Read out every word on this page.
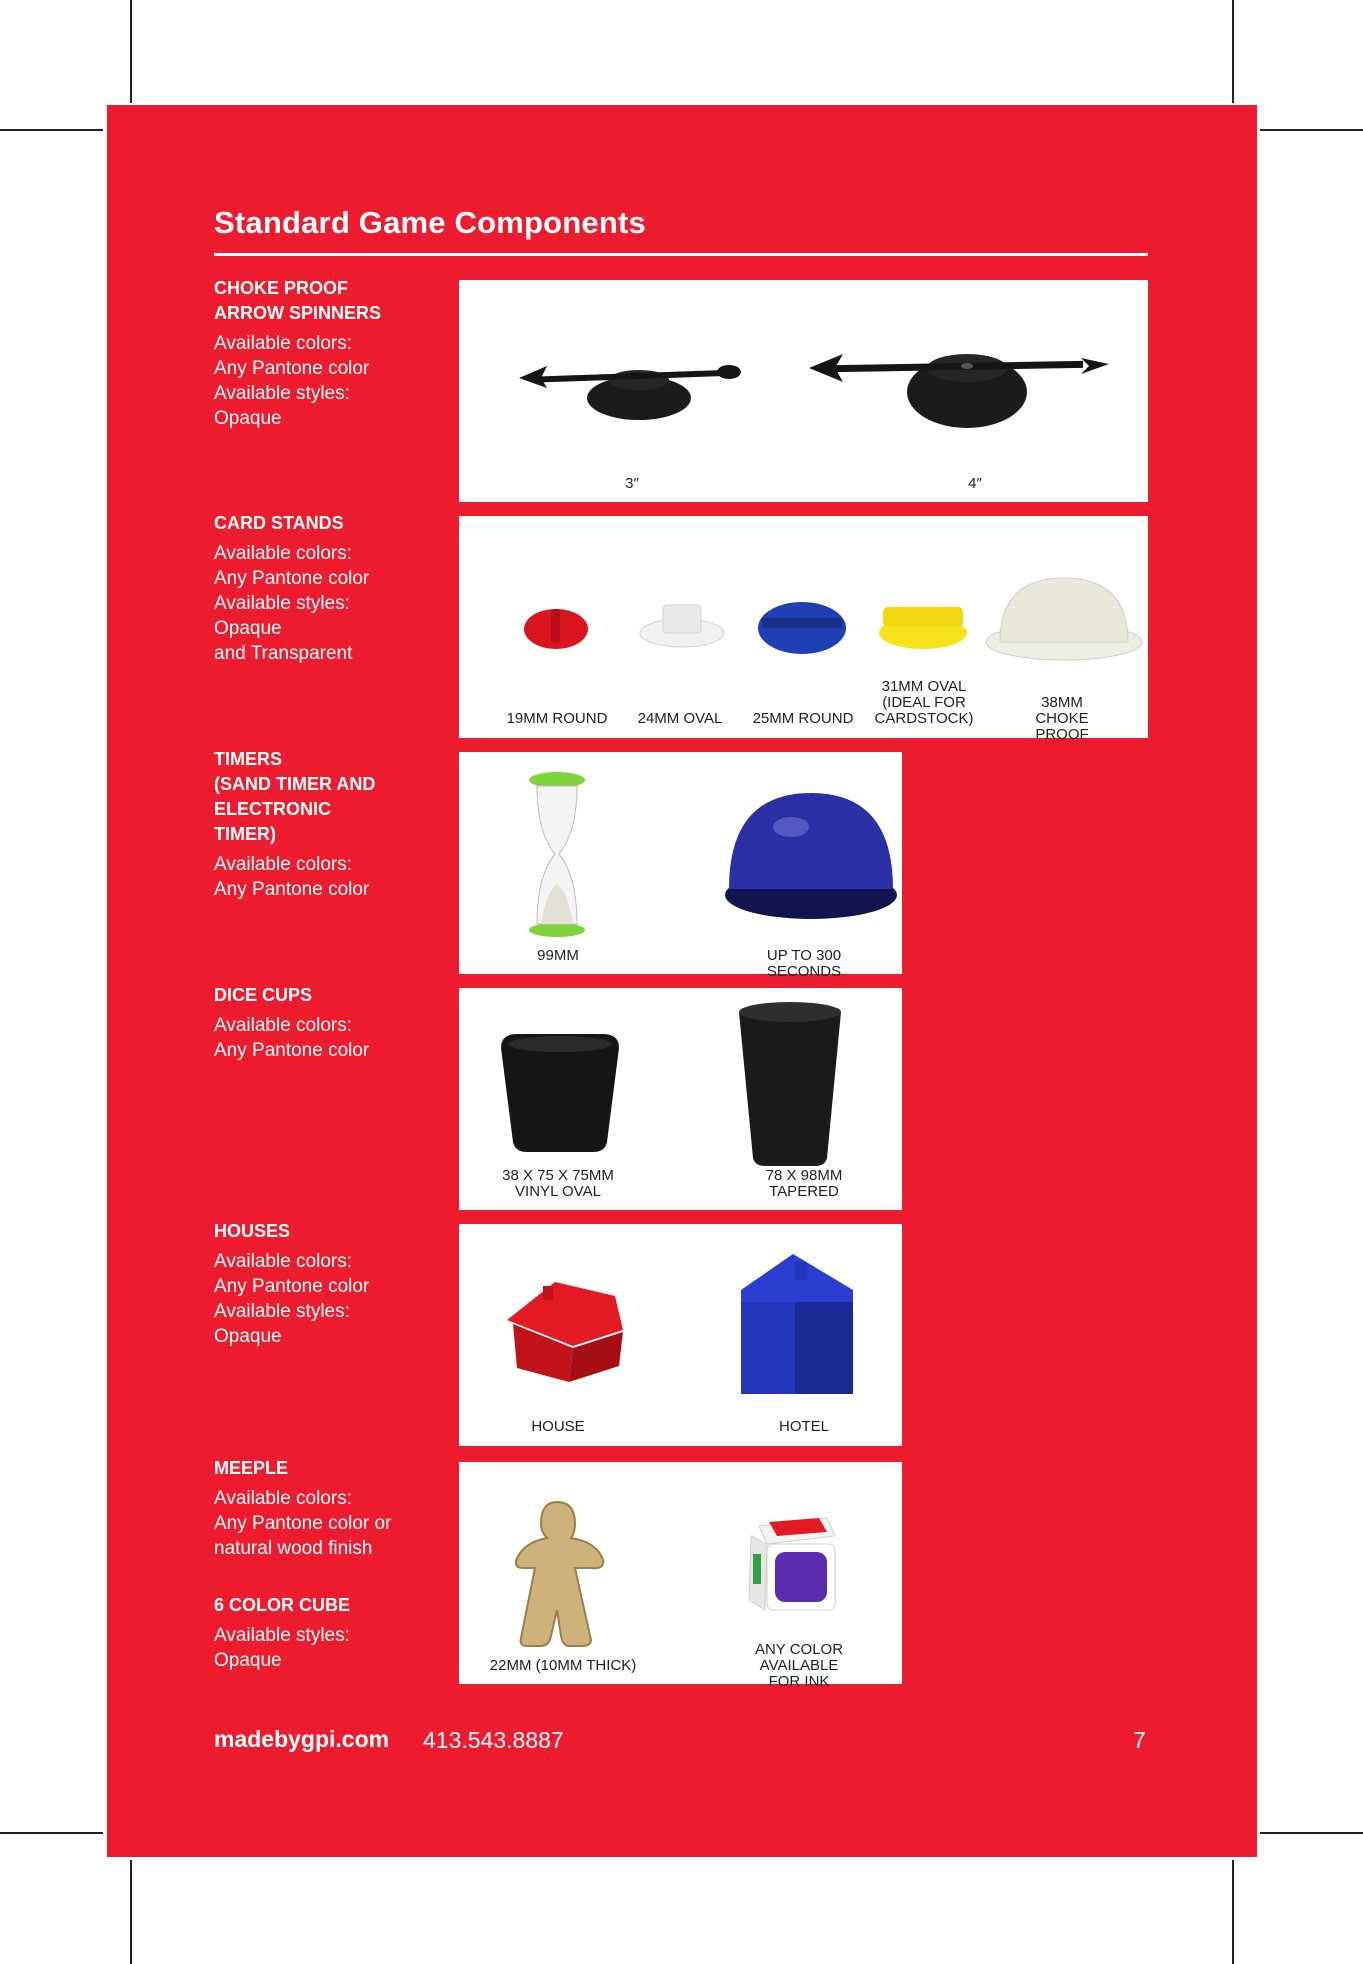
Standard Game Components
CHOKE PROOF
ARROW SPINNERS
Available colors:
Any Pantone color
Available styles:
Opaque
3″	4″
CARD STANDS
Available colors:
Any Pantone color
Available styles:
Opaque
and Transparent
19MM ROUND 24MM OVAL 25MM ROUND
31MM OVAL
(IDEAL FOR
CARDSTOCK)
38MM
CHOKE PROOF
TIMERS
(SAND TIMER AND
ELECTRONIC
TIMER)
Available colors:
Any Pantone color
99MM	UP TO 300 SECONDS
DICE CUPS
Available colors:
Any Pantone color
38 X 75 X 75MM
VINYL OVAL
78 X 98MM
TAPERED
HOUSES
Available colors:
Any Pantone color
Available styles:
Opaque
HOUSE	HOTEL
MEEPLE
Available colors:
Any Pantone color or
natural wood finish
6 COLOR CUBE
Available styles:
Opaque	22MM (10MM THICK)
ANY COLOR
AVAILABLE FOR INK
madebygpi.com 413.543.8887	7
